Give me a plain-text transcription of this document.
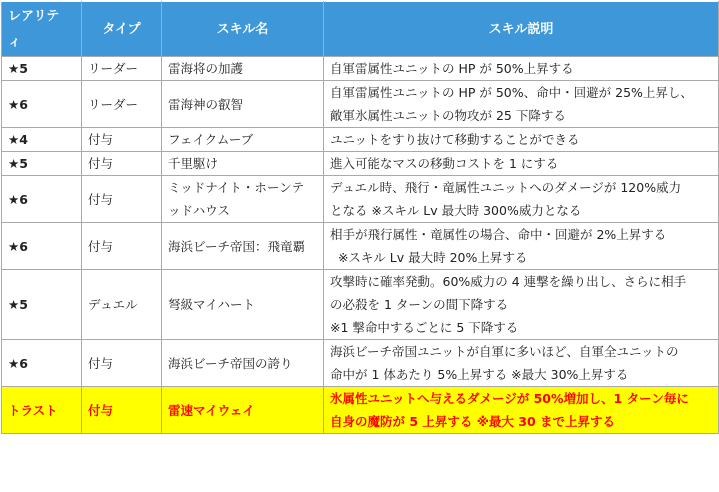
レアリテ ィ	タイプ	スキル名	スキル説明
★5	リーダー	雷海将の加護	自軍雷属性ユニットの HP が 50%上昇する

★6	リーダー	雷海神の叡智	自軍雷属性ユニットの HP が 50%、命中・回避が 25%上昇し、
敵軍氷属性ユニットの物攻が 25 下降する

★4	付与	フェイクムーブ	ユニットをすり抜けて移動することができる

★5	付与	千里駆け	進入可能なマスの移動コストを 1 にする

★6	付与	ミッドナイト・ホーンテ
ッドハウス	デュエル時、飛行・竜属性ユニットへのダメージが 120%威力
となる ※スキル Lv 最大時 300%威力となる

★6	付与	海浜ビーチ帝国：飛竜覇	相手が飛行属性・竜属性の場合、命中・回避が 2%上昇する
※スキル Lv 最大時 20%上昇する

★5	デュエル	弩級マイハート	攻撃時に確率発動。60%威力の 4 連撃を繰り出し、さらに相手
の必殺を 1 ターンの間下降する
※1 撃命中するごとに 5 下降する

★6	付与	海浜ビーチ帝国の誇り	海浜ビーチ帝国ユニットが自軍に多いほど、自軍全ユニットの
命中が 1 体あたり 5%上昇する ※最大 30%上昇する

トラスト	付与	雷速マイウェイ	氷属性ユニットへ与えるダメージが 50%増加し、1 ターン毎に
自身の魔防が 5 上昇する ※最大 30 まで上昇する
